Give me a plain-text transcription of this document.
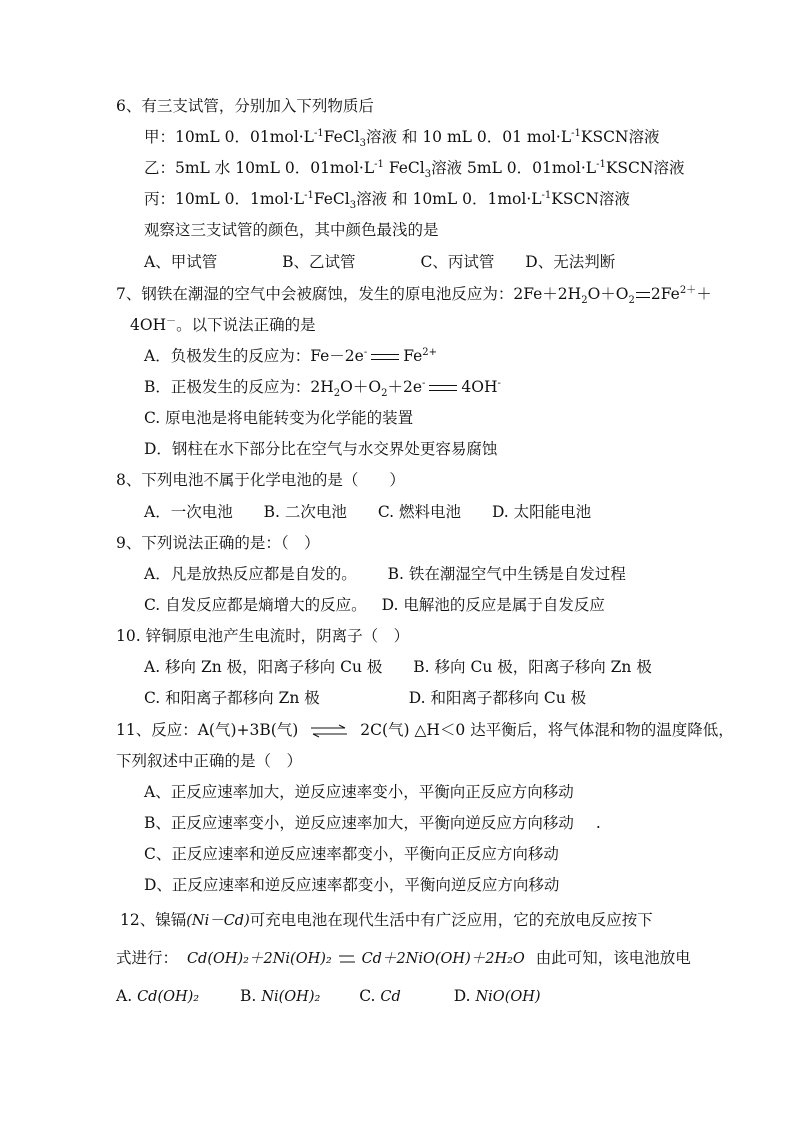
6、有三支试管，分别加入下列物质后
甲：10mL 0．$01mol\cdot L^{-1}FeCl_3$溶液 和 10 mL 0．01 $mol\cdot L^{-1}KSCN$溶液
乙：5mL 水 10mL 0．$01mol\cdot L^{-1}$ FeCl$_3$溶液 5mL 0．$01mol\cdot L^{-1}KSCN$溶液
丙：10mL 0．$1mol\cdot L^{-1}FeCl_3$溶液 和 10mL 0．$1mol\cdot L^{-1}KSCN$溶液
观察这三支试管的颜色，其中颜色最浅的是
A、甲试管	B、乙试管	C、丙试管 D、无法判断
7、钢铁在潮湿的空气中会被腐蚀，发生的原电池反应为：$2Fe+2H_2O+O_2$ $2Fe^{2+}+$
4OH－。以下说法正确的是
A．负极发生的反应为：Fe－2e- $Fe^{2+}$
B．正极发生的反应为：$2H_2O+O_2+2e^-$ 4OH-
C. 原电池是将电能转变为化学能的装置
D．钢柱在水下部分比在空气与水交界处更容易腐蚀
8、下列电池不属于化学电池的是（　　）
A．一次电池 B. 二次电池 C. 燃料电池 D. 太阳能电池
9、下列说法正确的是：（　）
A．凡是放热反应都是自发的。 B. 铁在潮湿空气中生锈是自发过程
C. 自发反应都是熵增大的反应。 D. 电解池的反应是属于自发反应
10. 锌铜原电池产生电流时，阴离子（　）
A. 移向 Zn 极，阳离子移向 Cu 极 B. 移向 Cu 极，阳离子移向 Zn 极
C. 和阳离子都移向 Zn 极	D. 和阳离子都移向 Cu 极
11、反应：A(气)+3B(气) ⇌ 2C(气) △H＜0 达平衡后，将气体混和物的温度降低，
下列叙述中正确的是（　）
A、正反应速率加大，逆反应速率变小，平衡向正反应方向移动
B、正反应速率变小，逆反应速率加大，平衡向逆反应方向移动 .
C、正反应速率和逆反应速率都变小，平衡向正反应方向移动
D、正反应速率和逆反应速率都变小，平衡向逆反应方向移动
12、镍镉(Ni－Cd)可充电电池在现代生活中有广泛应用，它的充放电反应按下
式进行： Cd(OH)₂＋2Ni(OH)₂ Cd＋2NiO(OH)＋2H₂O 由此可知，该电池放电
A. Cd(OH)₂	B. Ni(OH)₂	C. Cd	D. NiO(OH)
